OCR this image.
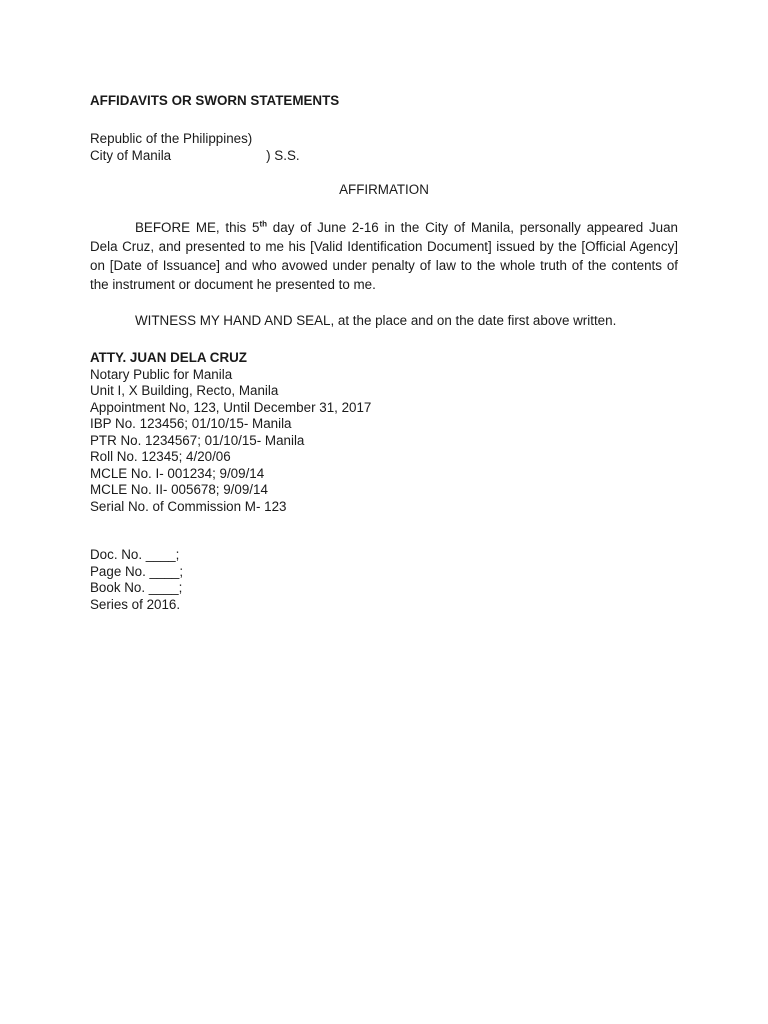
AFFIDAVITS OR SWORN STATEMENTS
Republic of the Philippines)
City of Manila	) S.S.
AFFIRMATION
BEFORE ME, this 5th day of June 2-16 in the City of Manila, personally appeared Juan Dela Cruz, and presented to me his [Valid Identification Document] issued by the [Official Agency] on [Date of Issuance] and who avowed under penalty of law to the whole truth of the contents of the instrument or document he presented to me.
WITNESS MY HAND AND SEAL, at the place and on the date first above written.
ATTY. JUAN DELA CRUZ
Notary Public for Manila
Unit I, X Building, Recto, Manila
Appointment No, 123, Until December 31, 2017
IBP No. 123456; 01/10/15- Manila
PTR No. 1234567; 01/10/15- Manila
Roll No. 12345; 4/20/06
MCLE No. I- 001234; 9/09/14
MCLE No. II- 005678; 9/09/14
Serial No. of Commission M- 123
Doc. No. ____;
Page No. ____;
Book No. ____;
Series of 2016.
